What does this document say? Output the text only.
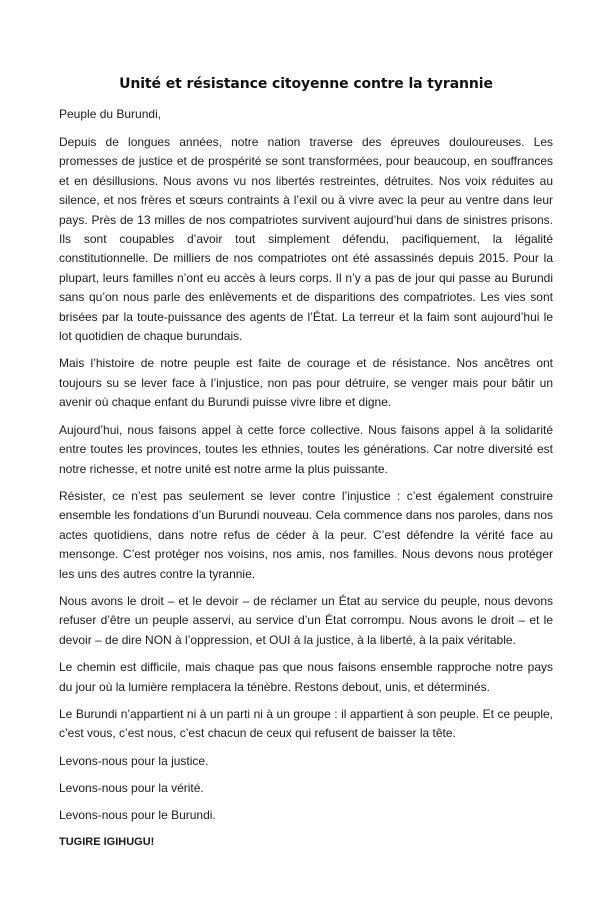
Unité et résistance citoyenne contre la tyrannie

Peuple du Burundi,

Depuis de longues années, notre nation traverse des épreuves douloureuses. Les promesses de justice et de prospérité se sont transformées, pour beaucoup, en souffrances et en désillusions. Nous avons vu nos libertés restreintes, détruites. Nos voix réduites au silence, et nos frères et sœurs contraints à l’exil ou à vivre avec la peur au ventre dans leur pays. Près de 13 milles de nos compatriotes survivent aujourd’hui dans de sinistres prisons. Ils sont coupables d’avoir tout simplement défendu, pacifiquement, la légalité constitutionnelle. De milliers de nos compatriotes ont été assassinés depuis 2015. Pour la plupart, leurs familles n’ont eu accès à leurs corps. Il n’y a pas de jour qui passe au Burundi sans qu’on nous parle des enlèvements et de disparitions des compatriotes. Les vies sont brisées par la toute-puissance des agents de l’État. La terreur et la faim sont aujourd’hui le lot quotidien de chaque burundais.

Mais l’histoire de notre peuple est faite de courage et de résistance. Nos ancêtres ont toujours su se lever face à l’injustice, non pas pour détruire, se venger mais pour bâtir un avenir où chaque enfant du Burundi puisse vivre libre et digne.

Aujourd’hui, nous faisons appel à cette force collective. Nous faisons appel à la solidarité entre toutes les provinces, toutes les ethnies, toutes les générations. Car notre diversité est notre richesse, et notre unité est notre arme la plus puissante.

Résister, ce n’est pas seulement se lever contre l’injustice : c’est également construire ensemble les fondations d’un Burundi nouveau. Cela commence dans nos paroles, dans nos actes quotidiens, dans notre refus de céder à la peur. C’est défendre la vérité face au mensonge. C’est protéger nos voisins, nos amis, nos familles. Nous devons nous protéger les uns des autres contre la tyrannie.

Nous avons le droit – et le devoir – de réclamer un État au service du peuple, nous devons refuser d’être un peuple asservi, au service d’un État corrompu. Nous avons le droit – et le devoir – de dire NON à l’oppression, et OUI à la justice, à la liberté, à la paix véritable.

Le chemin est difficile, mais chaque pas que nous faisons ensemble rapproche notre pays du jour où la lumière remplacera la ténèbre. Restons debout, unis, et déterminés.

Le Burundi n’appartient ni à un parti ni à un groupe : il appartient à son peuple. Et ce peuple, c’est vous, c’est nous, c’est chacun de ceux qui refusent de baisser la tête.

Levons-nous pour la justice.

Levons-nous pour la vérité.

Levons-nous pour le Burundi.

TUGIRE IGIHUGU!
